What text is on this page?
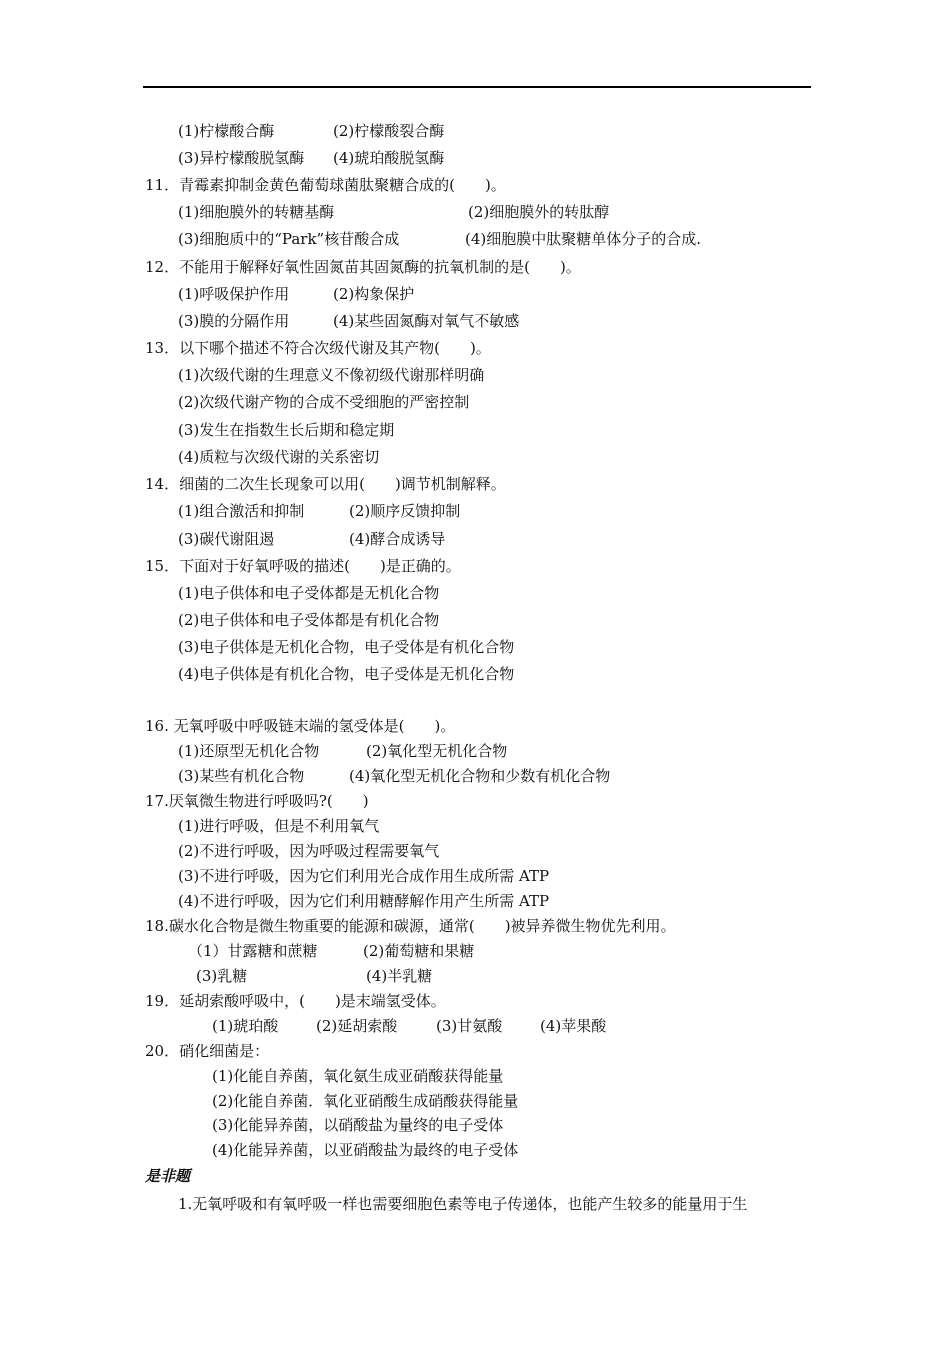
(1)柠檬酸合酶	(2)柠檬酸裂合酶
(3)异柠檬酸脱氢酶 (4)琥珀酸脱氢酶
11．青霉素抑制金黄色葡萄球菌肽聚糖合成的(　　)。
(1)细胞膜外的转糖基酶	(2)细胞膜外的转肽醇
(3)细胞质中的“Park”核苷酸合成	(4)细胞膜中肽聚糖单体分子的合成.
12．不能用于解释好氧性固氮苗其固氮酶的抗氧机制的是(　　)。
(1)呼吸保护作用	(2)构象保护
(3)膜的分隔作用	(4)某些固氮酶对氧气不敏感
13．以下哪个描述不符合次级代谢及其产物(　　)。
(1)次级代谢的生理意义不像初级代谢那样明确
(2)次级代谢产物的合成不受细胞的严密控制
(3)发生在指数生长后期和稳定期
(4)质粒与次级代谢的关系密切
14．细菌的二次生长现象可以用(　　)调节机制解释。
(1)组合激活和抑制	(2)顺序反馈抑制
(3)碳代谢阻遏	(4)酵合成诱导
15．下面对于好氧呼吸的描述(　　)是正确的。
(1)电子供体和电子受体都是无机化合物
(2)电子供体和电子受体都是有机化合物
(3)电子供体是无机化合物，电子受体是有机化合物
(4)电子供体是有机化合物，电子受体是无机化合物
16. 无氧呼吸中呼吸链末端的氢受体是(　　)。
(1)还原型无机化合物	(2)氧化型无机化合物
(3)某些有机化合物	(4)氧化型无机化合物和少数有机化合物
17.厌氧微生物进行呼吸吗?(　　)
(1)进行呼吸，但是不利用氧气
(2)不进行呼吸，因为呼吸过程需要氧气
(3)不进行呼吸，因为它们利用光合成作用生成所需 ATP
(4)不进行呼吸，因为它们利用糖酵解作用产生所需 ATP
18.碳水化合物是微生物重要的能源和碳源，通常(　　)被异养微生物优先利用。
（1）甘露糖和蔗糖	(2)葡萄糖和果糖
(3)乳糖	(4)半乳糖
19．延胡索酸呼吸中，(　　)是末端氢受体。
(1)琥珀酸	(2)延胡索酸	(3)甘氨酸	(4)苹果酸
20．硝化细菌是：
(1)化能自养菌，氧化氨生成亚硝酸获得能量
(2)化能自养菌．氧化亚硝酸生成硝酸获得能量
(3)化能异养菌，以硝酸盐为量终的电子受体
(4)化能异养菌，以亚硝酸盐为最终的电子受体
是非题
1.无氧呼吸和有氧呼吸一样也需要细胞色素等电子传递体，也能产生较多的能量用于生
